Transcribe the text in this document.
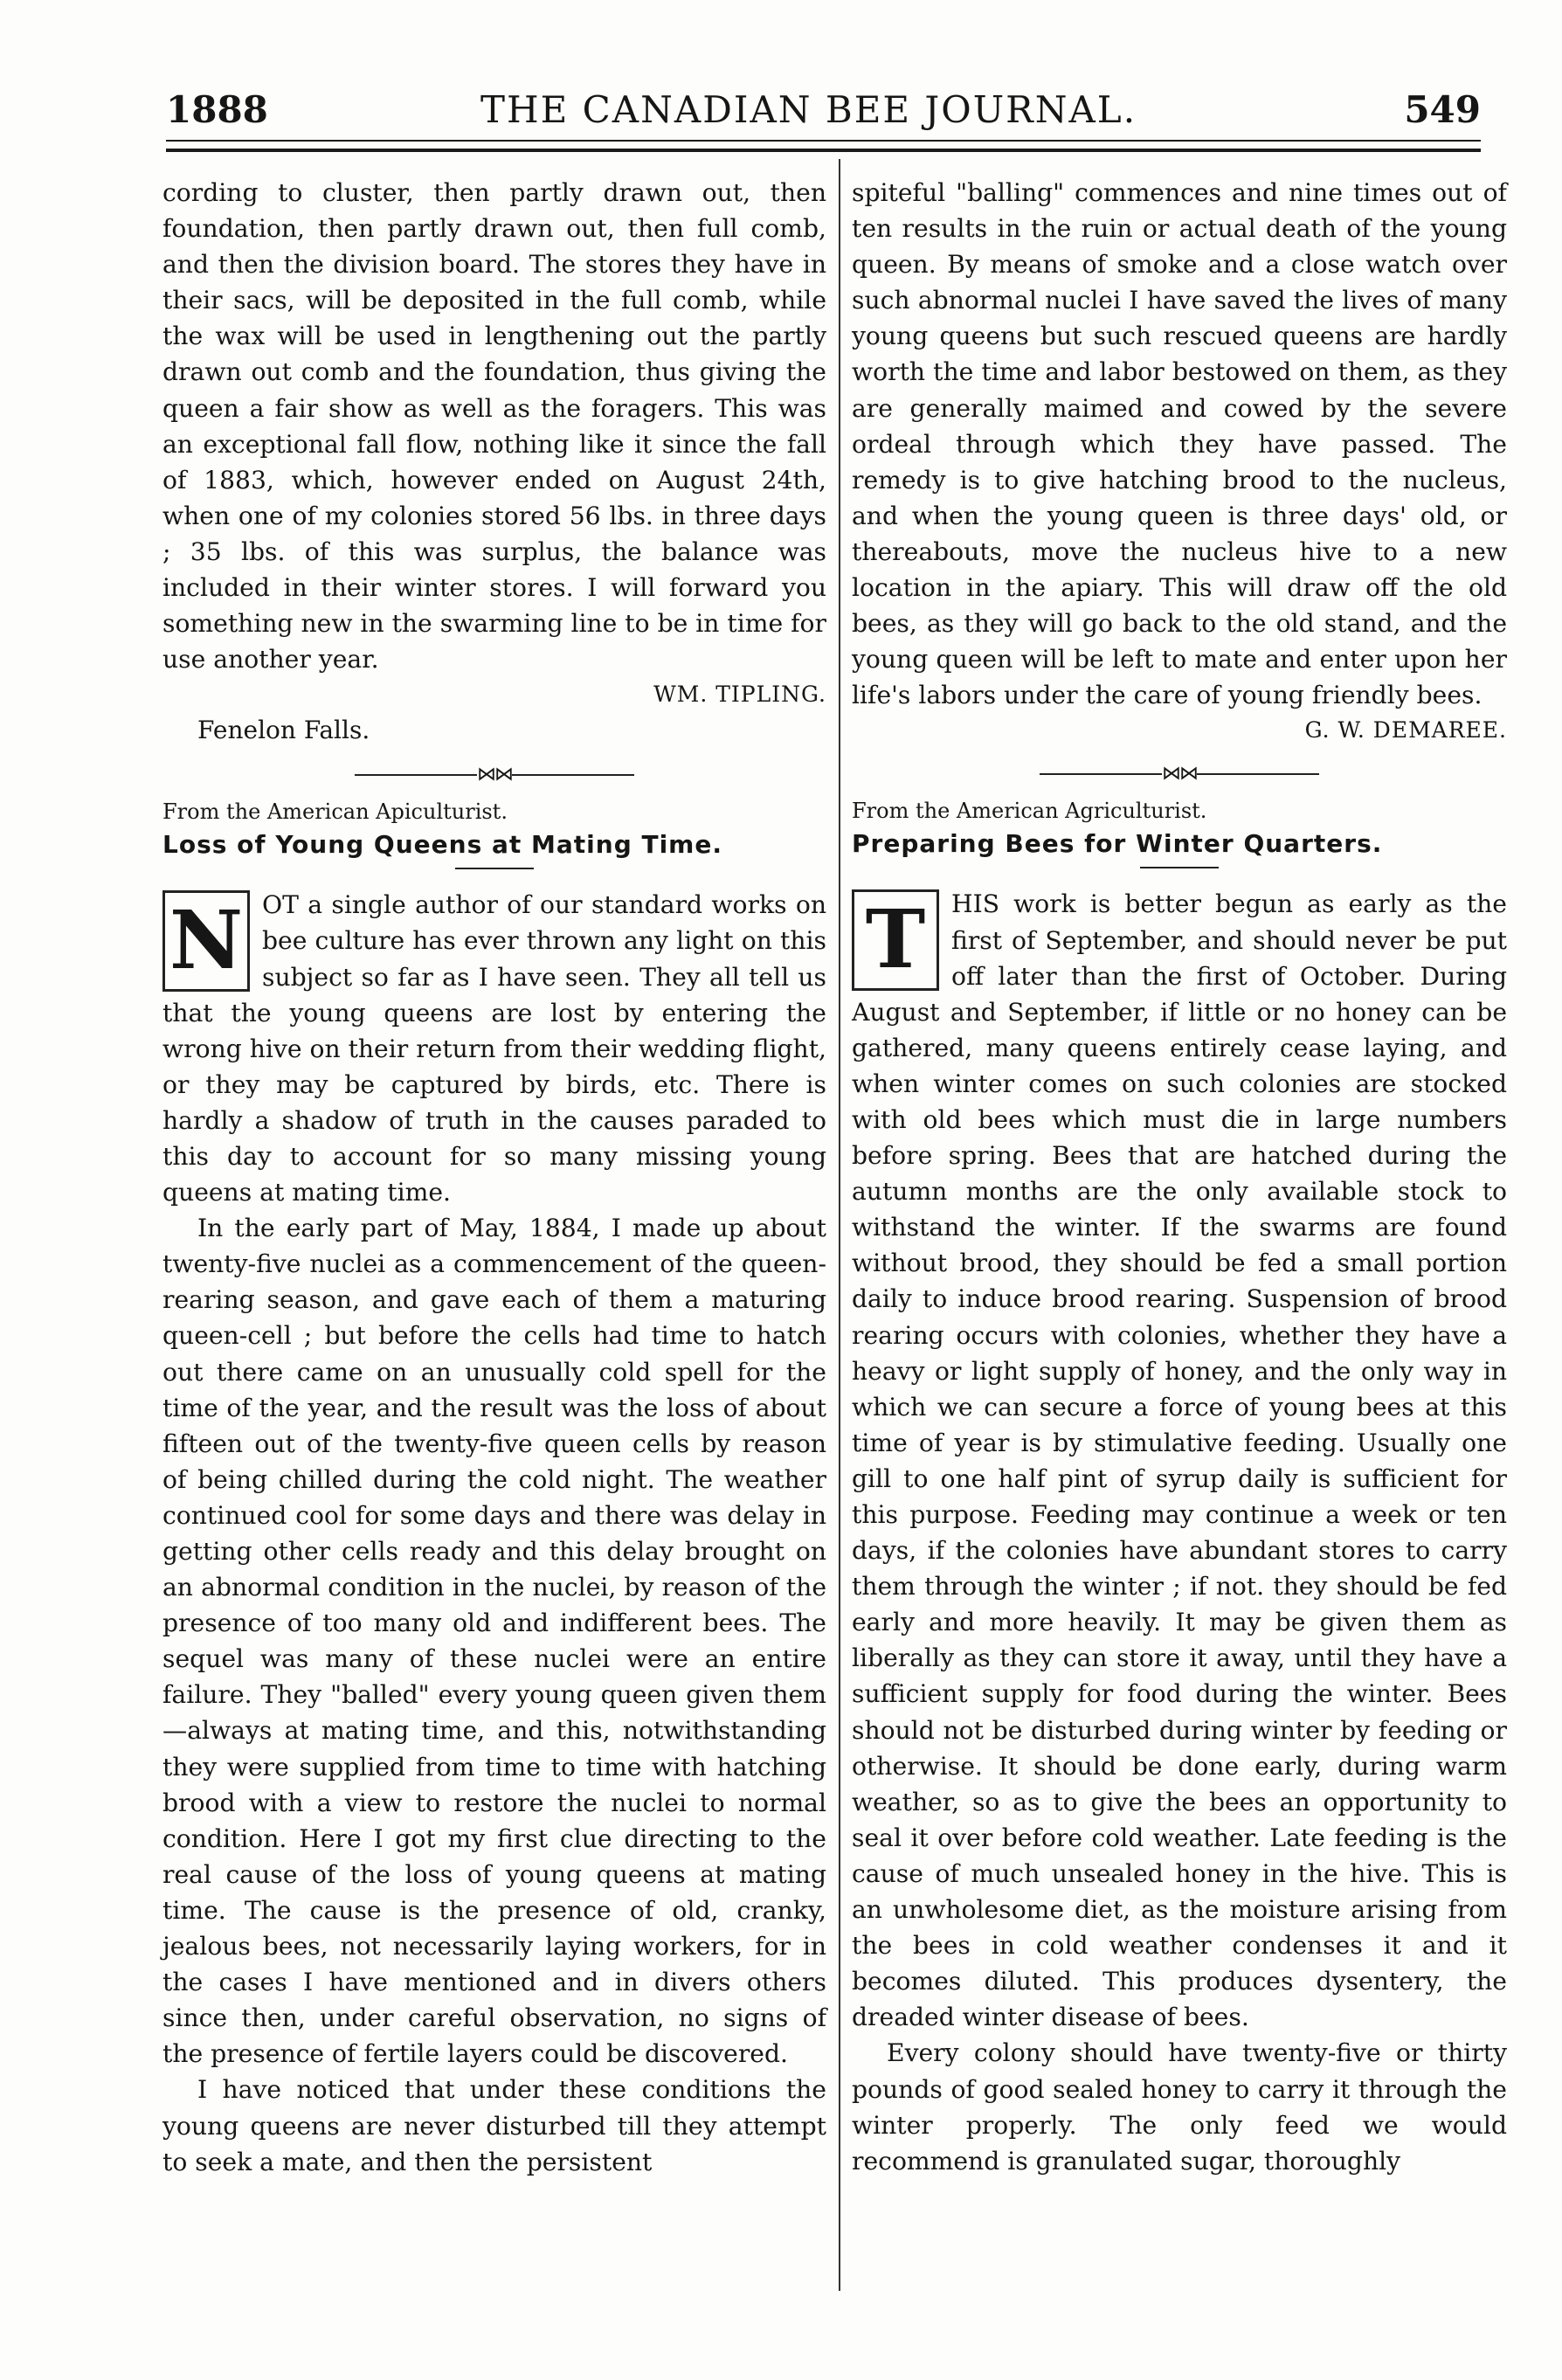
1888	THE CANADIAN BEE JOURNAL.	549

cording to cluster, then partly drawn out, then foundation, then partly drawn out, then full comb, and then the division board. The stores they have in their sacs, will be deposited in the full comb, while the wax will be used in lengthening out the partly drawn out comb and the foundation, thus giving the queen a fair show as well as the foragers. This was an exceptional fall flow, nothing like it since the fall of 1883, which, however ended on August 24th, when one of my colonies stored 56 lbs. in three days ; 35 lbs. of this was surplus, the balance was included in their winter stores. I will forward you something new in the swarming line to be in time for use another year.

WM. TIPLING.

Fenelon Falls.

⋈⋈

From the American Apiculturist.

Loss of Young Queens at Mating Time.

N OT a single author of our standard works on bee culture has ever thrown any light on this subject so far as I have seen. They all tell us that the young queens are lost by entering the wrong hive on their return from their wedding flight, or they may be captured by birds, etc. There is hardly a shadow of truth in the causes paraded to this day to account for so many missing young queens at mating time.

In the early part of May, 1884, I made up about twenty-five nuclei as a commencement of the queen-rearing season, and gave each of them a maturing queen-cell ; but before the cells had time to hatch out there came on an unusually cold spell for the time of the year, and the result was the loss of about fifteen out of the twenty-five queen cells by reason of being chilled during the cold night. The weather continued cool for some days and there was delay in getting other cells ready and this delay brought on an abnormal condition in the nuclei, by reason of the presence of too many old and indifferent bees. The sequel was many of these nuclei were an entire failure. They "balled" every young queen given them—always at mating time, and this, notwithstanding they were supplied from time to time with hatching brood with a view to restore the nuclei to normal condition. Here I got my first clue directing to the real cause of the loss of young queens at mating time. The cause is the presence of old, cranky, jealous bees, not necessarily laying workers, for in the cases I have mentioned and in divers others since then, under careful observation, no signs of the presence of fertile layers could be discovered.

I have noticed that under these conditions the young queens are never disturbed till they attempt to seek a mate, and then the persistent

spiteful "balling" commences and nine times out of ten results in the ruin or actual death of the young queen. By means of smoke and a close watch over such abnormal nuclei I have saved the lives of many young queens but such rescued queens are hardly worth the time and labor bestowed on them, as they are generally maimed and cowed by the severe ordeal through which they have passed. The remedy is to give hatching brood to the nucleus, and when the young queen is three days' old, or thereabouts, move the nucleus hive to a new location in the apiary. This will draw off the old bees, as they will go back to the old stand, and the young queen will be left to mate and enter upon her life's labors under the care of young friendly bees.

G. W. DEMAREE.

⋈⋈

From the American Agriculturist.

Preparing Bees for Winter Quarters.

T	HIS work is better begun as early as the first of September, and should never be put off later than the first of October. During August and September, if little or no honey can be gathered, many queens entirely cease laying, and when winter comes on such colonies are stocked with old bees which must die in large numbers before spring. Bees that are hatched during the autumn months are the only available stock to withstand the winter. If the swarms are found without brood, they should be fed a small portion daily to induce brood rearing. Suspension of brood rearing occurs with colonies, whether they have a heavy or light supply of honey, and the only way in which we can secure a force of young bees at this time of year is by stimulative feeding. Usually one gill to one half pint of syrup daily is sufficient for this purpose. Feeding may continue a week or ten days, if the colonies have abundant stores to carry them through the winter ; if not. they should be fed early and more heavily. It may be given them as liberally as they can store it away, until they have a sufficient supply for food during the winter. Bees should not be disturbed during winter by feeding or otherwise. It should be done early, during warm weather, so as to give the bees an opportunity to seal it over before cold weather. Late feeding is the cause of much unsealed honey in the hive. This is an unwholesome diet, as the moisture arising from the bees in cold weather condenses it and it becomes diluted. This produces dysentery, the dreaded winter disease of bees.

Every colony should have twenty-five or thirty pounds of good sealed honey to carry it through the winter properly. The only feed we would recommend is granulated sugar, thoroughly
